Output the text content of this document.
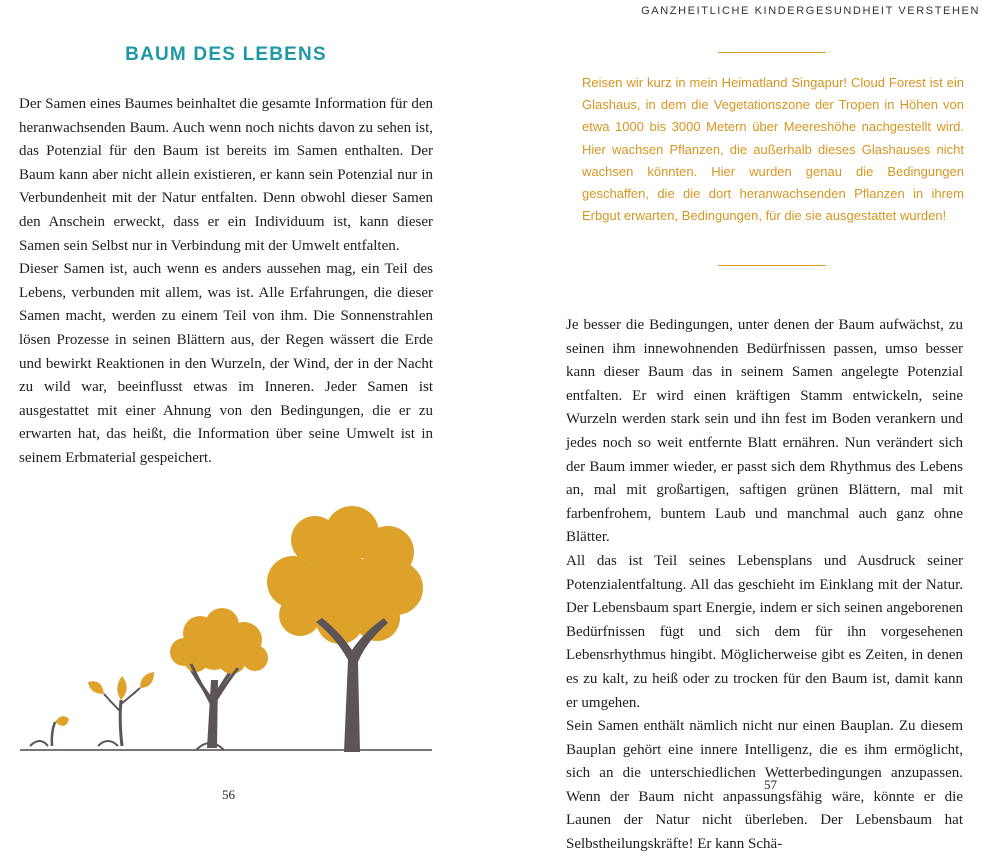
BAUM DES LEBENS

Der Samen eines Baumes beinhaltet die gesamte Information für den heranwachsenden Baum. Auch wenn noch nichts davon zu sehen ist, das Potenzial für den Baum ist bereits im Samen enthalten. Der Baum kann aber nicht allein existieren, er kann sein Potenzial nur in Verbundenheit mit der Natur entfalten. Denn obwohl dieser Samen den Anschein erweckt, dass er ein Individuum ist, kann dieser Samen sein Selbst nur in Verbindung mit der Umwelt entfalten.

Dieser Samen ist, auch wenn es anders aussehen mag, ein Teil des Lebens, verbunden mit allem, was ist. Alle Erfahrungen, die dieser Samen macht, werden zu einem Teil von ihm. Die Sonnenstrahlen lösen Prozesse in seinen Blättern aus, der Regen wässert die Erde und bewirkt Reaktionen in den Wurzeln, der Wind, der in der Nacht zu wild war, beeinflusst etwas im Inneren. Jeder Samen ist ausgestattet mit einer Ahnung von den Bedingungen, die er zu erwarten hat, das heißt, die Information über seine Umwelt ist in seinem Erbmaterial gespeichert.

56
GANZHEITLICHE KINDERGESUNDHEIT VERSTEHEN

Reisen wir kurz in mein Heimatland Singapur! Cloud Forest ist ein Glashaus, in dem die Vegetationszone der Tropen in Höhen von etwa 1000 bis 3000 Metern über Meereshöhe nachgestellt wird. Hier wachsen Pflanzen, die außerhalb dieses Glashauses nicht wachsen könnten. Hier wurden genau die Bedingungen geschaffen, die die dort heranwachsenden Pflanzen in ihrem Erbgut erwarten, Bedingungen, für die sie ausgestattet wurden!

Je besser die Bedingungen, unter denen der Baum aufwächst, zu seinen ihm innewohnenden Bedürfnissen passen, umso besser kann dieser Baum das in seinem Samen angelegte Potenzial entfalten. Er wird einen kräftigen Stamm entwickeln, seine Wurzeln werden stark sein und ihn fest im Boden verankern und jedes noch so weit entfernte Blatt ernähren. Nun verändert sich der Baum immer wieder, er passt sich dem Rhythmus des Lebens an, mal mit großartigen, saftigen grünen Blättern, mal mit farbenfrohem, buntem Laub und manchmal auch ganz ohne Blätter.

All das ist Teil seines Lebensplans und Ausdruck seiner Potenzialentfaltung. All das geschieht im Einklang mit der Natur. Der Lebensbaum spart Energie, indem er sich seinen angeborenen Bedürfnissen fügt und sich dem für ihn vorgesehenen Lebensrhythmus hingibt. Möglicherweise gibt es Zeiten, in denen es zu kalt, zu heiß oder zu trocken für den Baum ist, damit kann er umgehen.

Sein Samen enthält nämlich nicht nur einen Bauplan. Zu diesem Bauplan gehört eine innere Intelligenz, die es ihm ermöglicht, sich an die unterschiedlichen Wetterbedingungen anzupassen. Wenn der Baum nicht anpassungsfähig wäre, könnte er die Launen der Natur nicht überleben. Der Lebensbaum hat Selbstheilungskräfte! Er kann Schä-

57
